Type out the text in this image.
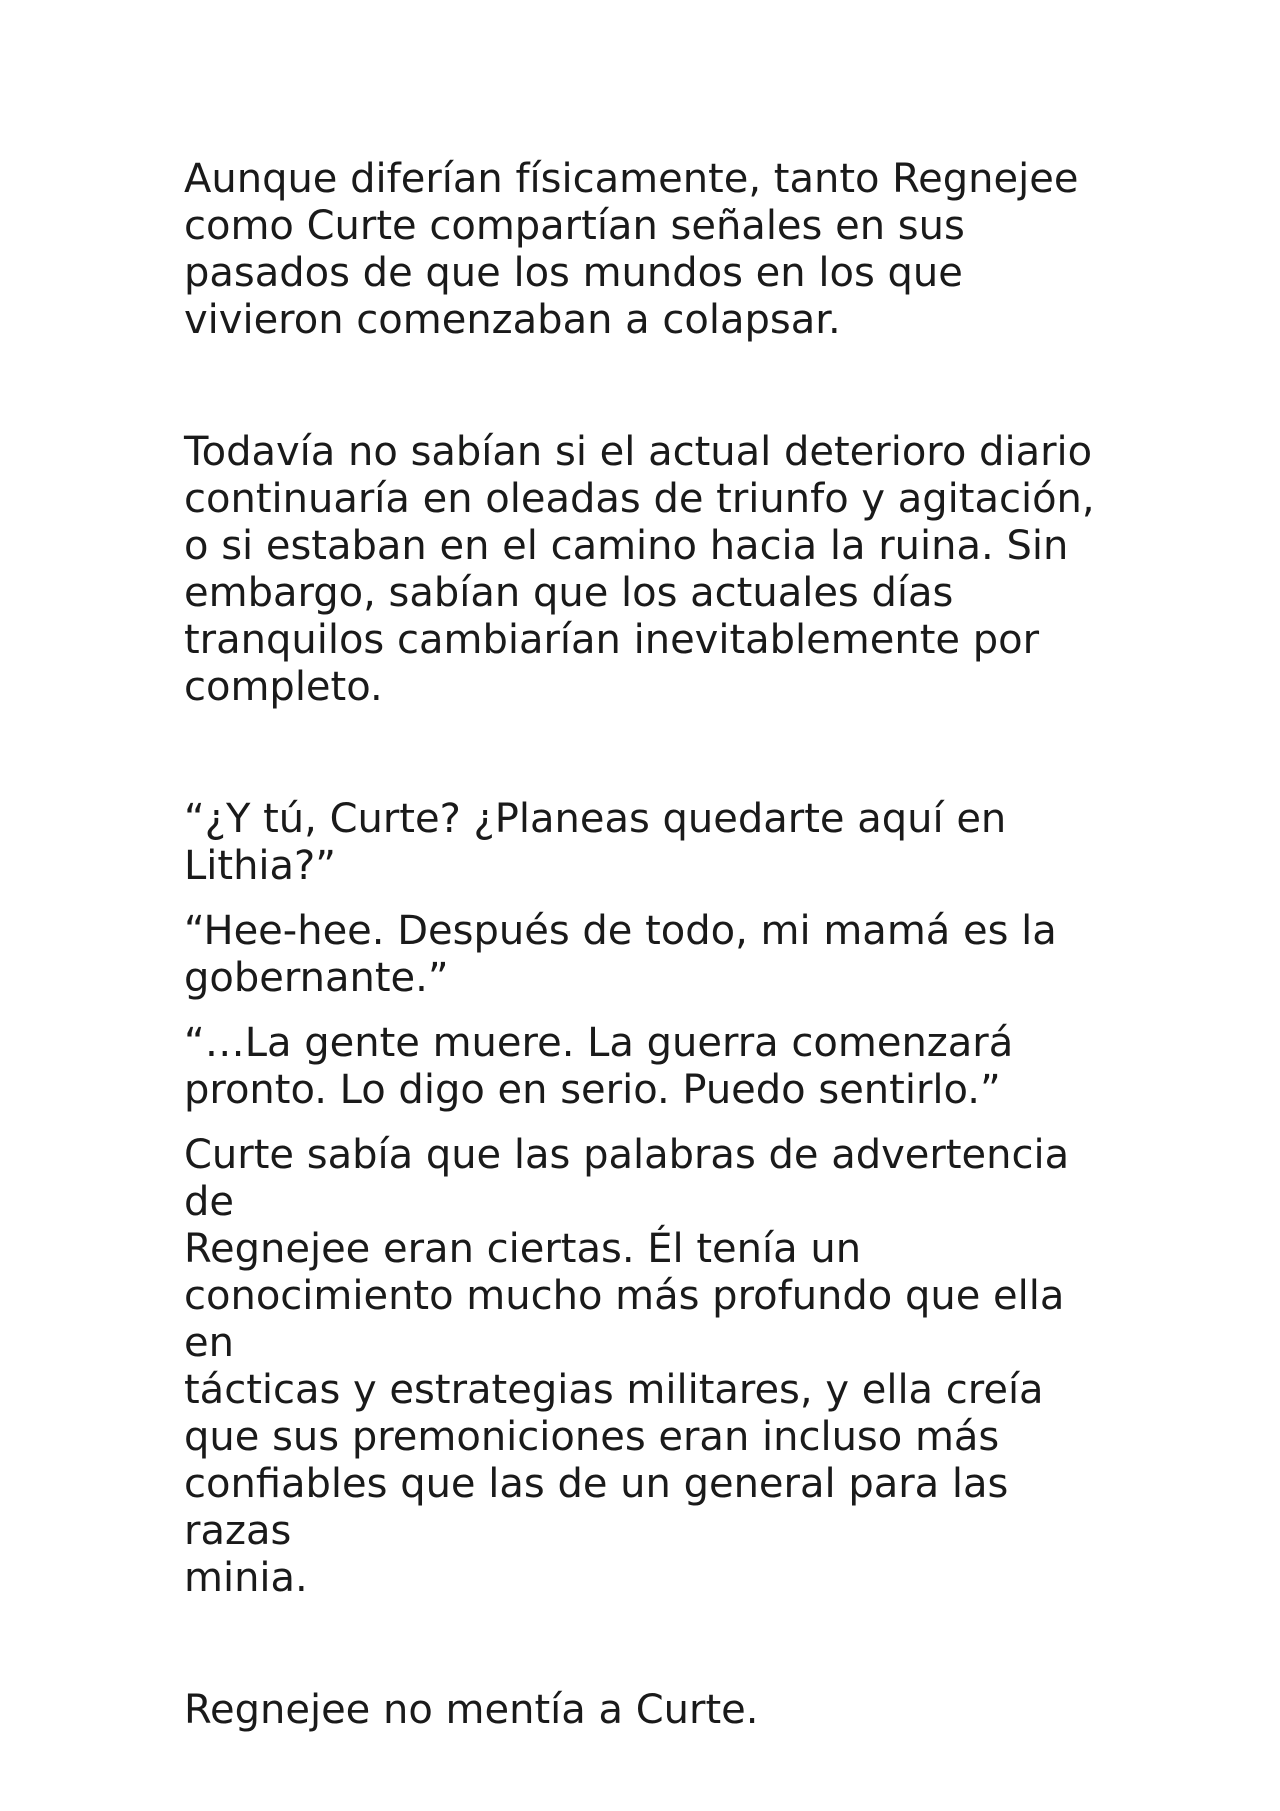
Aunque diferían físicamente, tanto Regnejee
como Curte compartían señales en sus
pasados de que los mundos en los que
vivieron comenzaban a colapsar.

Todavía no sabían si el actual deterioro diario
continuaría en oleadas de triunfo y agitación,
o si estaban en el camino hacia la ruina. Sin
embargo, sabían que los actuales días
tranquilos cambiarían inevitablemente por
completo.

“¿Y tú, Curte? ¿Planeas quedarte aquí en
Lithia?”

“Hee-hee. Después de todo, mi mamá es la
gobernante.”

“…La gente muere. La guerra comenzará
pronto. Lo digo en serio. Puedo sentirlo.”

Curte sabía que las palabras de advertencia de
Regnejee eran ciertas. Él tenía un
conocimiento mucho más profundo que ella en
tácticas y estrategias militares, y ella creía
que sus premoniciones eran incluso más
confiables que las de un general para las razas
minia.

Regnejee no mentía a Curte.
